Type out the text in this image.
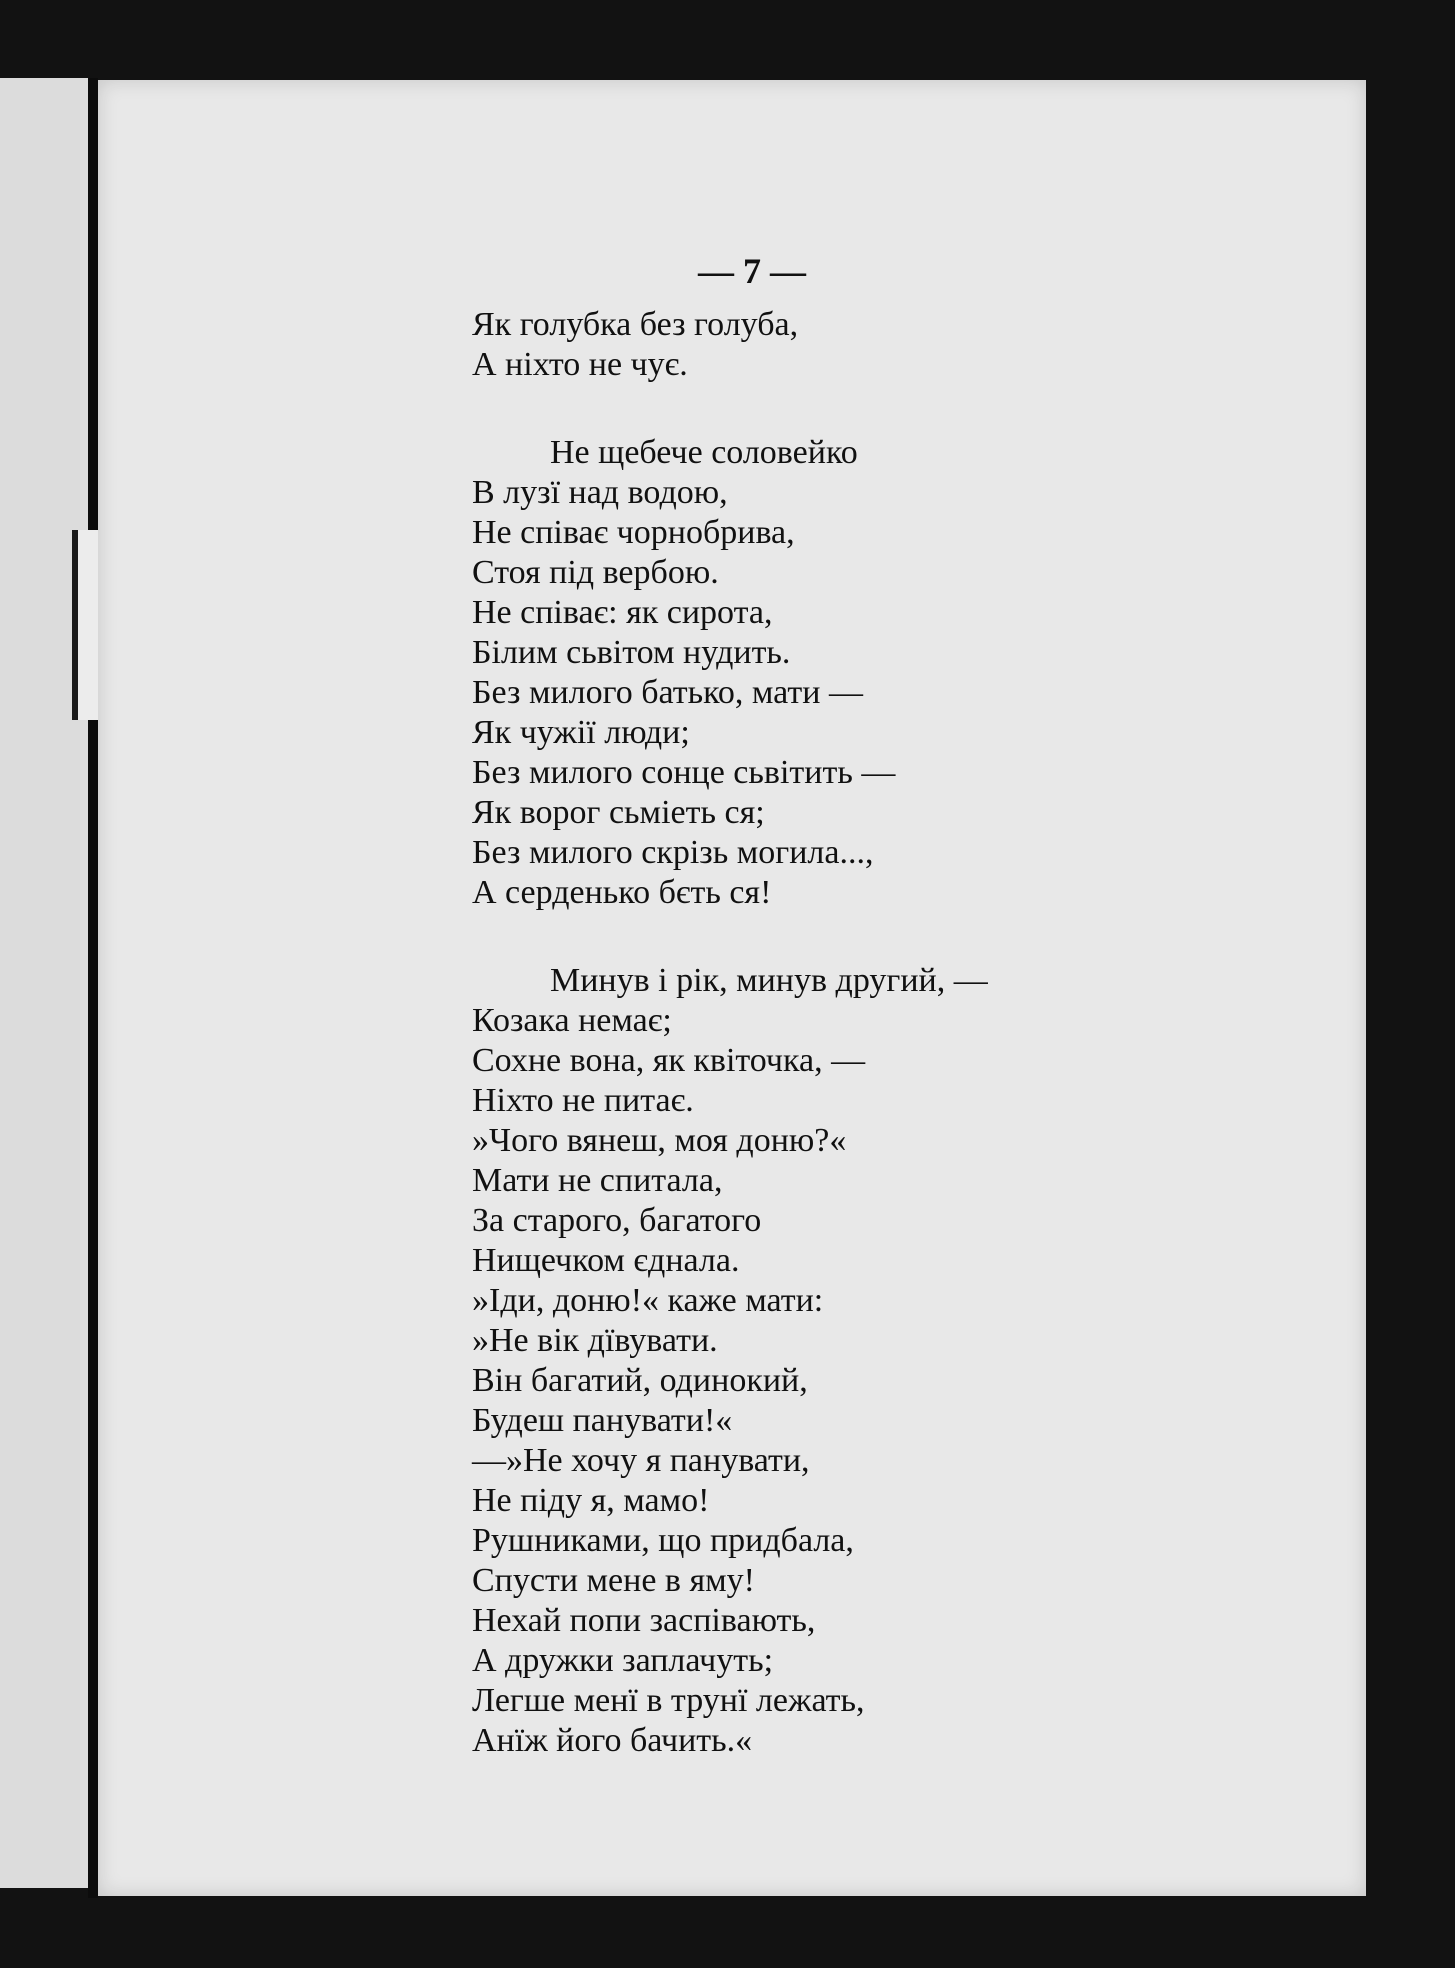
— 7 —
Як голубка без голуба,
А ніхто не чує.
Не щебече соловейко
В лузї над водою,
Не співає чорнобрива,
Стоя під вербою.
Не співає: як сирота,
Білим сьвітом нудить.
Без милого батько, мати —
Як чужії люди;
Без милого сонце сьвітить —
Як ворог сьміеть ся;
Без милого скрізь могила...,
А серденько бєть ся!
Минув і рік, минув другий, —
Козака немає;
Сохне вона, як квіточка, —
Ніхто не питає.
»Чого вянеш, моя доню?«
Мати не спитала,
За старого, багатого
Нищечком єднала.
»Іди, доню!« каже мати:
»Не вік дївувати.
Він багатий, одинокий,
Будеш панувати!«
—»Не хочу я панувати,
Не піду я, мамо!
Рушниками, що придбала,
Спусти мене в яму!
Нехай попи заспівають,
А дружки заплачуть;
Легше менї в трунї лежать,
Анїж його бачить.«
